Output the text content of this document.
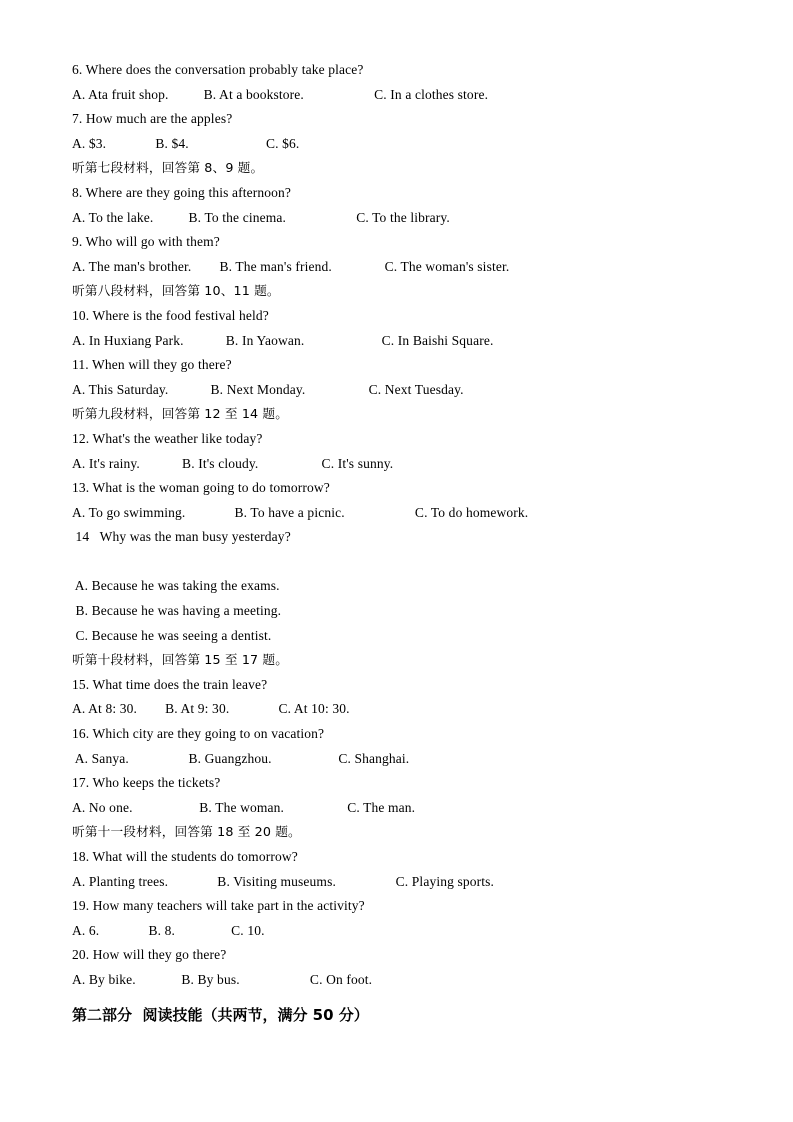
6. Where does the conversation probably take place?
A. Ata fruit shop.          B. At a bookstore.                    C. In a clothes store.
7. How much are the apples?
A. $3.              B. $4.                      C. $6.
听第七段材料，回答第 8、9 题。
8. Where are they going this afternoon?
A. To the lake.          B. To the cinema.                    C. To the library.
9. Who will go with them?
A. The man's brother.        B. The man's friend.               C. The woman's sister.
听第八段材料，回答第 10、11 题。
10. Where is the food festival held?
A. In Huxiang Park.            B. In Yaowan.                      C. In Baishi Square.
11. When will they go there?
A. This Saturday.            B. Next Monday.                  C. Next Tuesday.
听第九段材料，回答第 12 至 14 题。
12. What's the weather like today?
A. It's rainy.            B. It's cloudy.                  C. It's sunny.
13. What is the woman going to do tomorrow?
A. To go swimming.              B. To have a picnic.                    C. To do homework.
14   Why was the man busy yesterday?
A. Because he was taking the exams.
B. Because he was having a meeting.
C. Because he was seeing a dentist.
听第十段材料，回答第 15 至 17 题。
15. What time does the train leave?
A. At 8: 30.        B. At 9: 30.              C. At 10: 30.
16. Which city are they going to on vacation?
A. Sanya.                 B. Guangzhou.                   C. Shanghai.
17. Who keeps the tickets?
A. No one.                   B. The woman.                  C. The man.
听第十一段材料，回答第 18 至 20 题。
18. What will the students do tomorrow?
A. Planting trees.              B. Visiting museums.                 C. Playing sports.
19. How many teachers will take part in the activity?
A. 6.              B. 8.                C. 10.
20. How will they go there?
A. By bike.             B. By bus.                    C. On foot.
第二部分  阅读技能（共两节，满分 50 分）
